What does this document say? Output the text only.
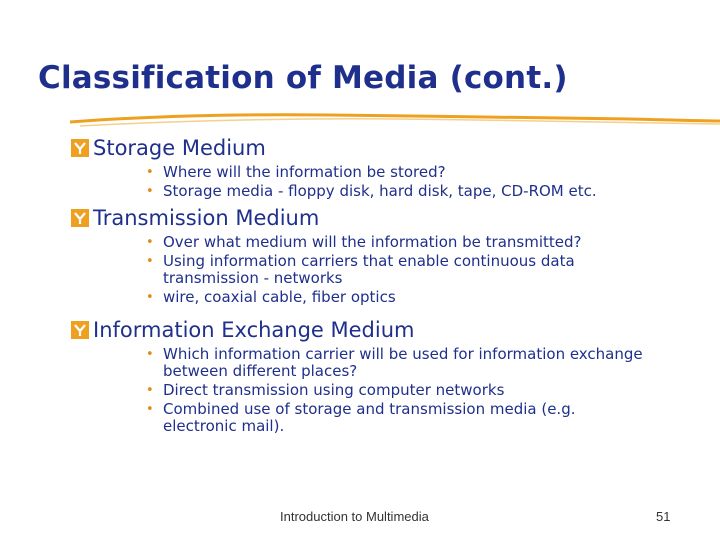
Classification of Media (cont.)
Storage Medium
• Where will the information be stored?
• Storage media - floppy disk, hard disk, tape, CD-ROM etc.
Transmission Medium
• Over what medium will the information be transmitted?
• Using information carriers that enable continuous data transmission - networks
• wire, coaxial cable, fiber optics
Information Exchange Medium
• Which information carrier will be used for information exchange between different places?
• Direct transmission using computer networks
• Combined use of storage and transmission media (e.g. electronic mail).
Introduction to Multimedia	51
